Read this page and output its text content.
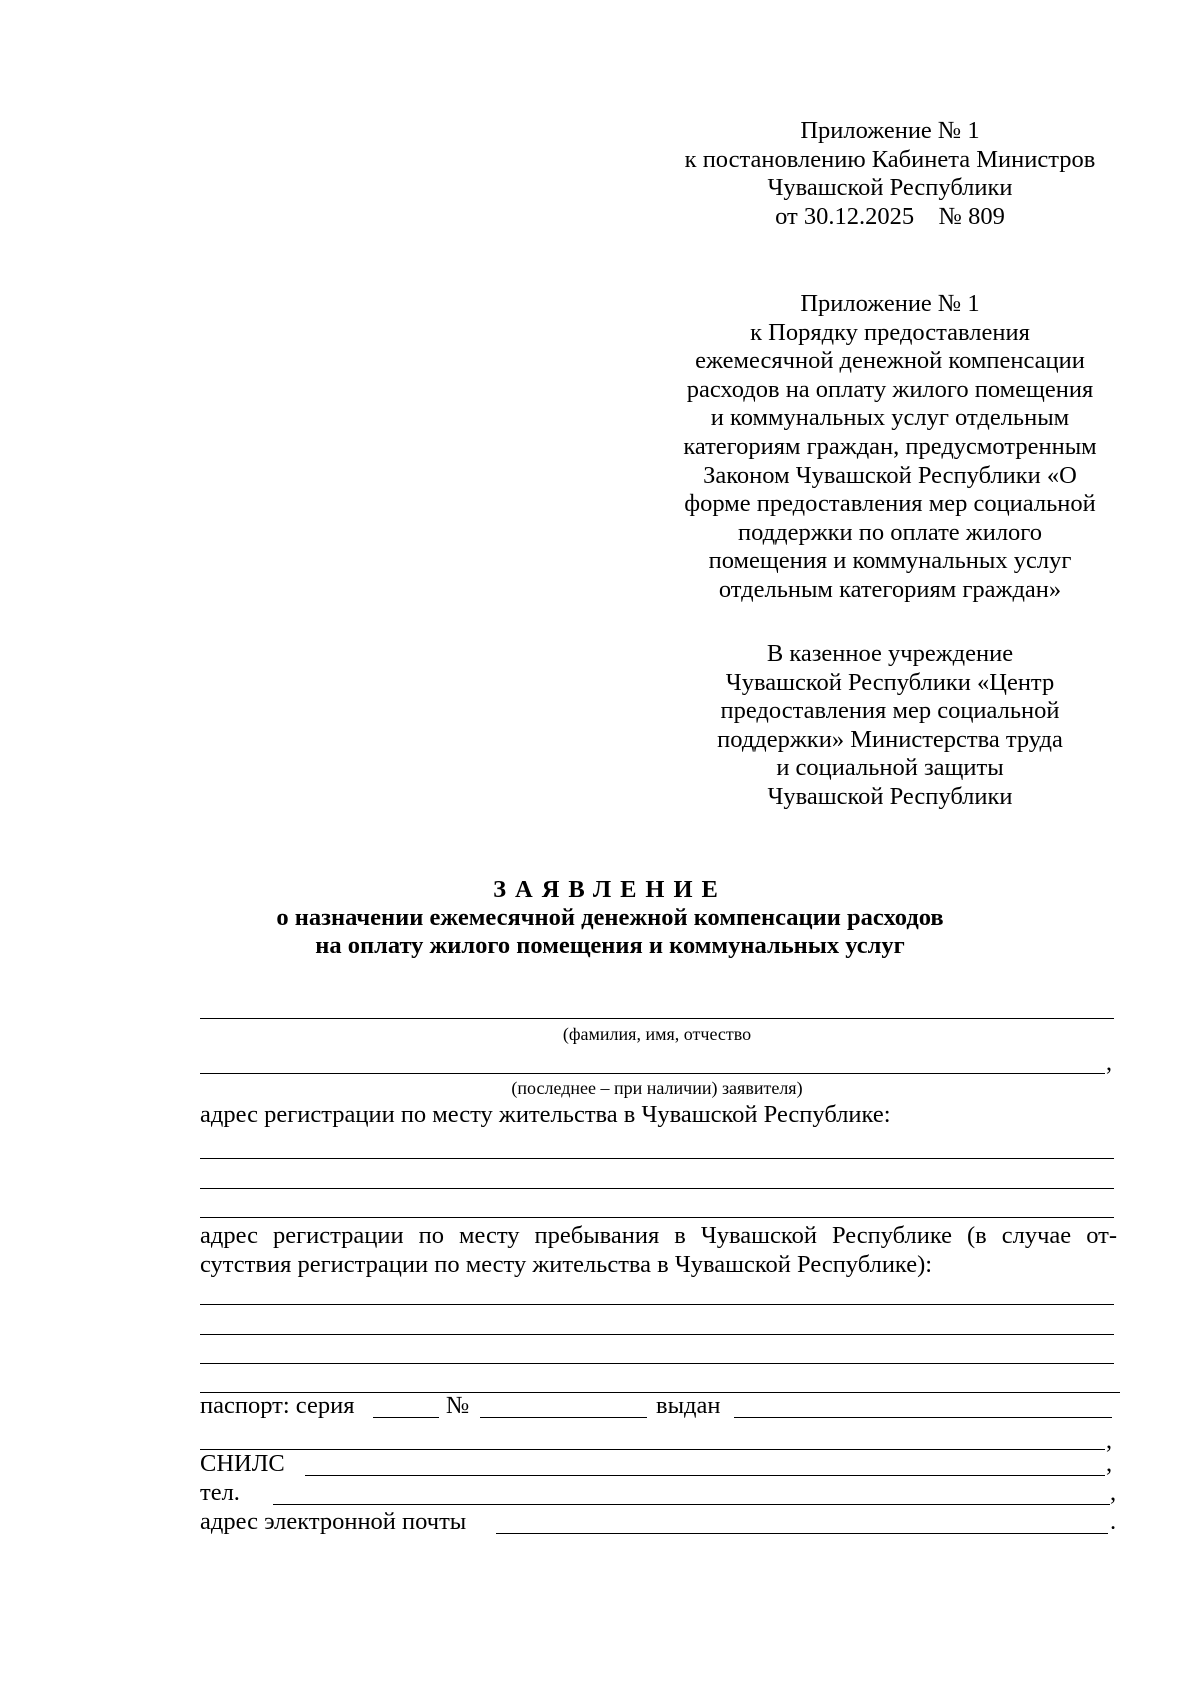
Приложение № 1
к постановлению Кабинета Министров
Чувашской Республики
от 30.12.2025    № 809
Приложение № 1
к Порядку предоставления
ежемесячной денежной компенсации
расходов на оплату жилого помещения
и коммунальных услуг отдельным
категориям граждан, предусмотренным
Законом Чувашской Республики «О
форме предоставления мер социальной
поддержки по оплате жилого
помещения и коммунальных услуг
отдельным категориям граждан»
В казенное учреждение
Чувашской Республики «Центр
предоставления мер социальной
поддержки» Министерства труда
и социальной защиты
Чувашской Республики
ЗАЯВЛЕНИЕ
о назначении ежемесячной денежной компенсации расходов
на оплату жилого помещения и коммунальных услуг
(фамилия, имя, отчество
,
(последнее – при наличии) заявителя)
адрес регистрации по месту жительства в Чувашской Республике:
адрес регистрации по месту пребывания в Чувашской Республике (в случае от-сутствия регистрации по месту жительства в Чувашской Республике):
паспорт: серия	№	выдан
,
СНИЛС	,
тел.	,
адрес электронной почты	.
